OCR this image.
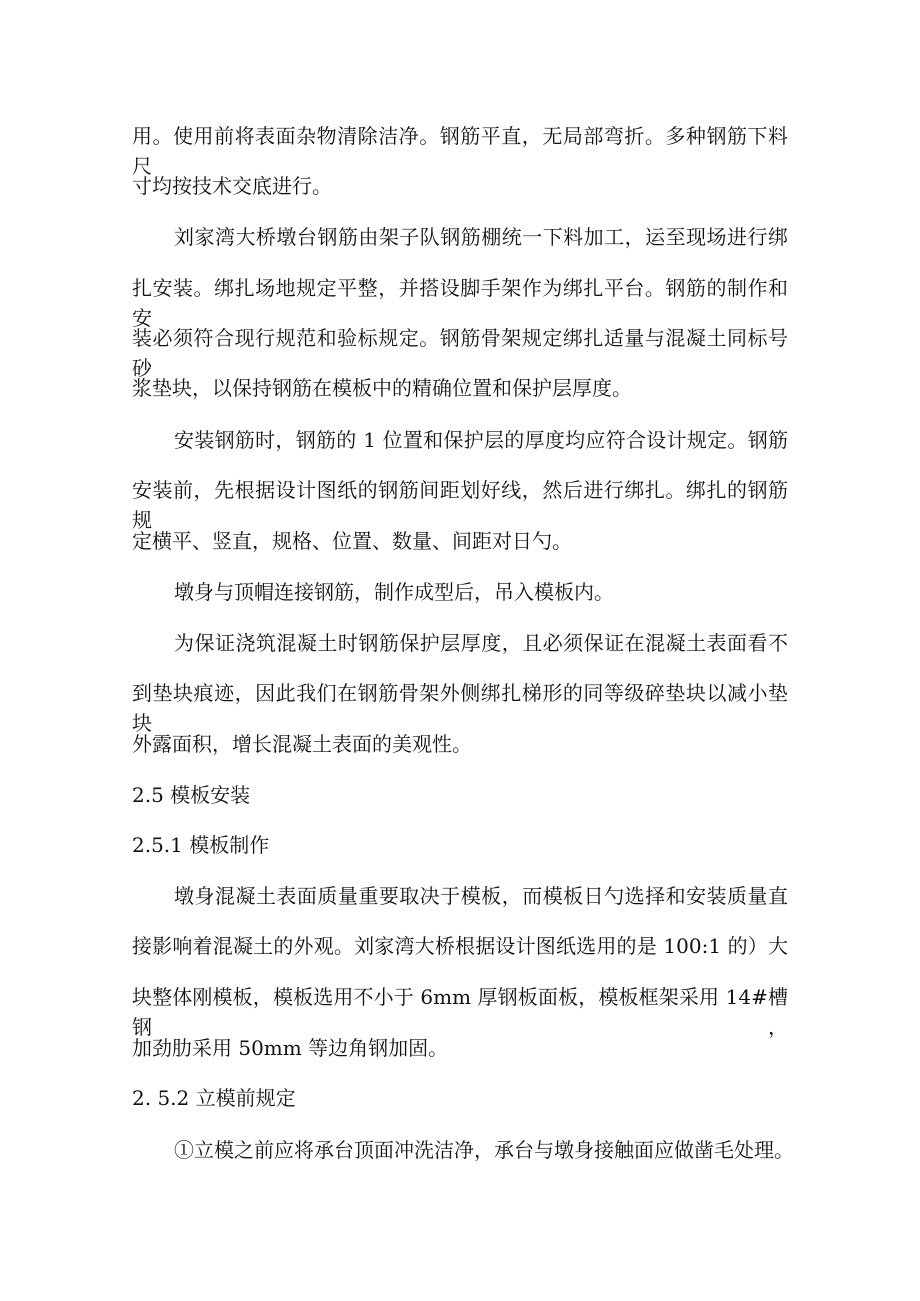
用。使用前将表面杂物清除洁净。钢筋平直，无局部弯折。多种钢筋下料尺
寸均按技术交底进行。
刘家湾大桥墩台钢筋由架子队钢筋棚统一下料加工，运至现场进行绑
扎安装。绑扎场地规定平整，并搭设脚手架作为绑扎平台。钢筋的制作和安
装必须符合现行规范和验标规定。钢筋骨架规定绑扎适量与混凝土同标号砂
浆垫块，以保持钢筋在模板中的精确位置和保护层厚度。
安装钢筋时，钢筋的 1 位置和保护层的厚度均应符合设计规定。钢筋
安装前，先根据设计图纸的钢筋间距划好线，然后进行绑扎。绑扎的钢筋规
定横平、竖直，规格、位置、数量、间距对日勺。
墩身与顶帽连接钢筋，制作成型后，吊入模板内。
为保证浇筑混凝土时钢筋保护层厚度，且必须保证在混凝土表面看不
到垫块痕迹，因此我们在钢筋骨架外侧绑扎梯形的同等级碎垫块以减小垫块
外露面积，增长混凝土表面的美观性。
2.5 模板安装
2.5.1 模板制作
墩身混凝土表面质量重要取决于模板，而模板日勺选择和安装质量直
接影响着混凝土的外观。刘家湾大桥根据设计图纸选用的是 100:1 的）大
块整体刚模板，模板选用不小于 6mm 厚钢板面板，模板框架采用 14#槽钢，
加劲肋采用 50mm 等边角钢加固。
2. 5.2 立模前规定
①立模之前应将承台顶面冲洗洁净，承台与墩身接触面应做凿毛处理。
